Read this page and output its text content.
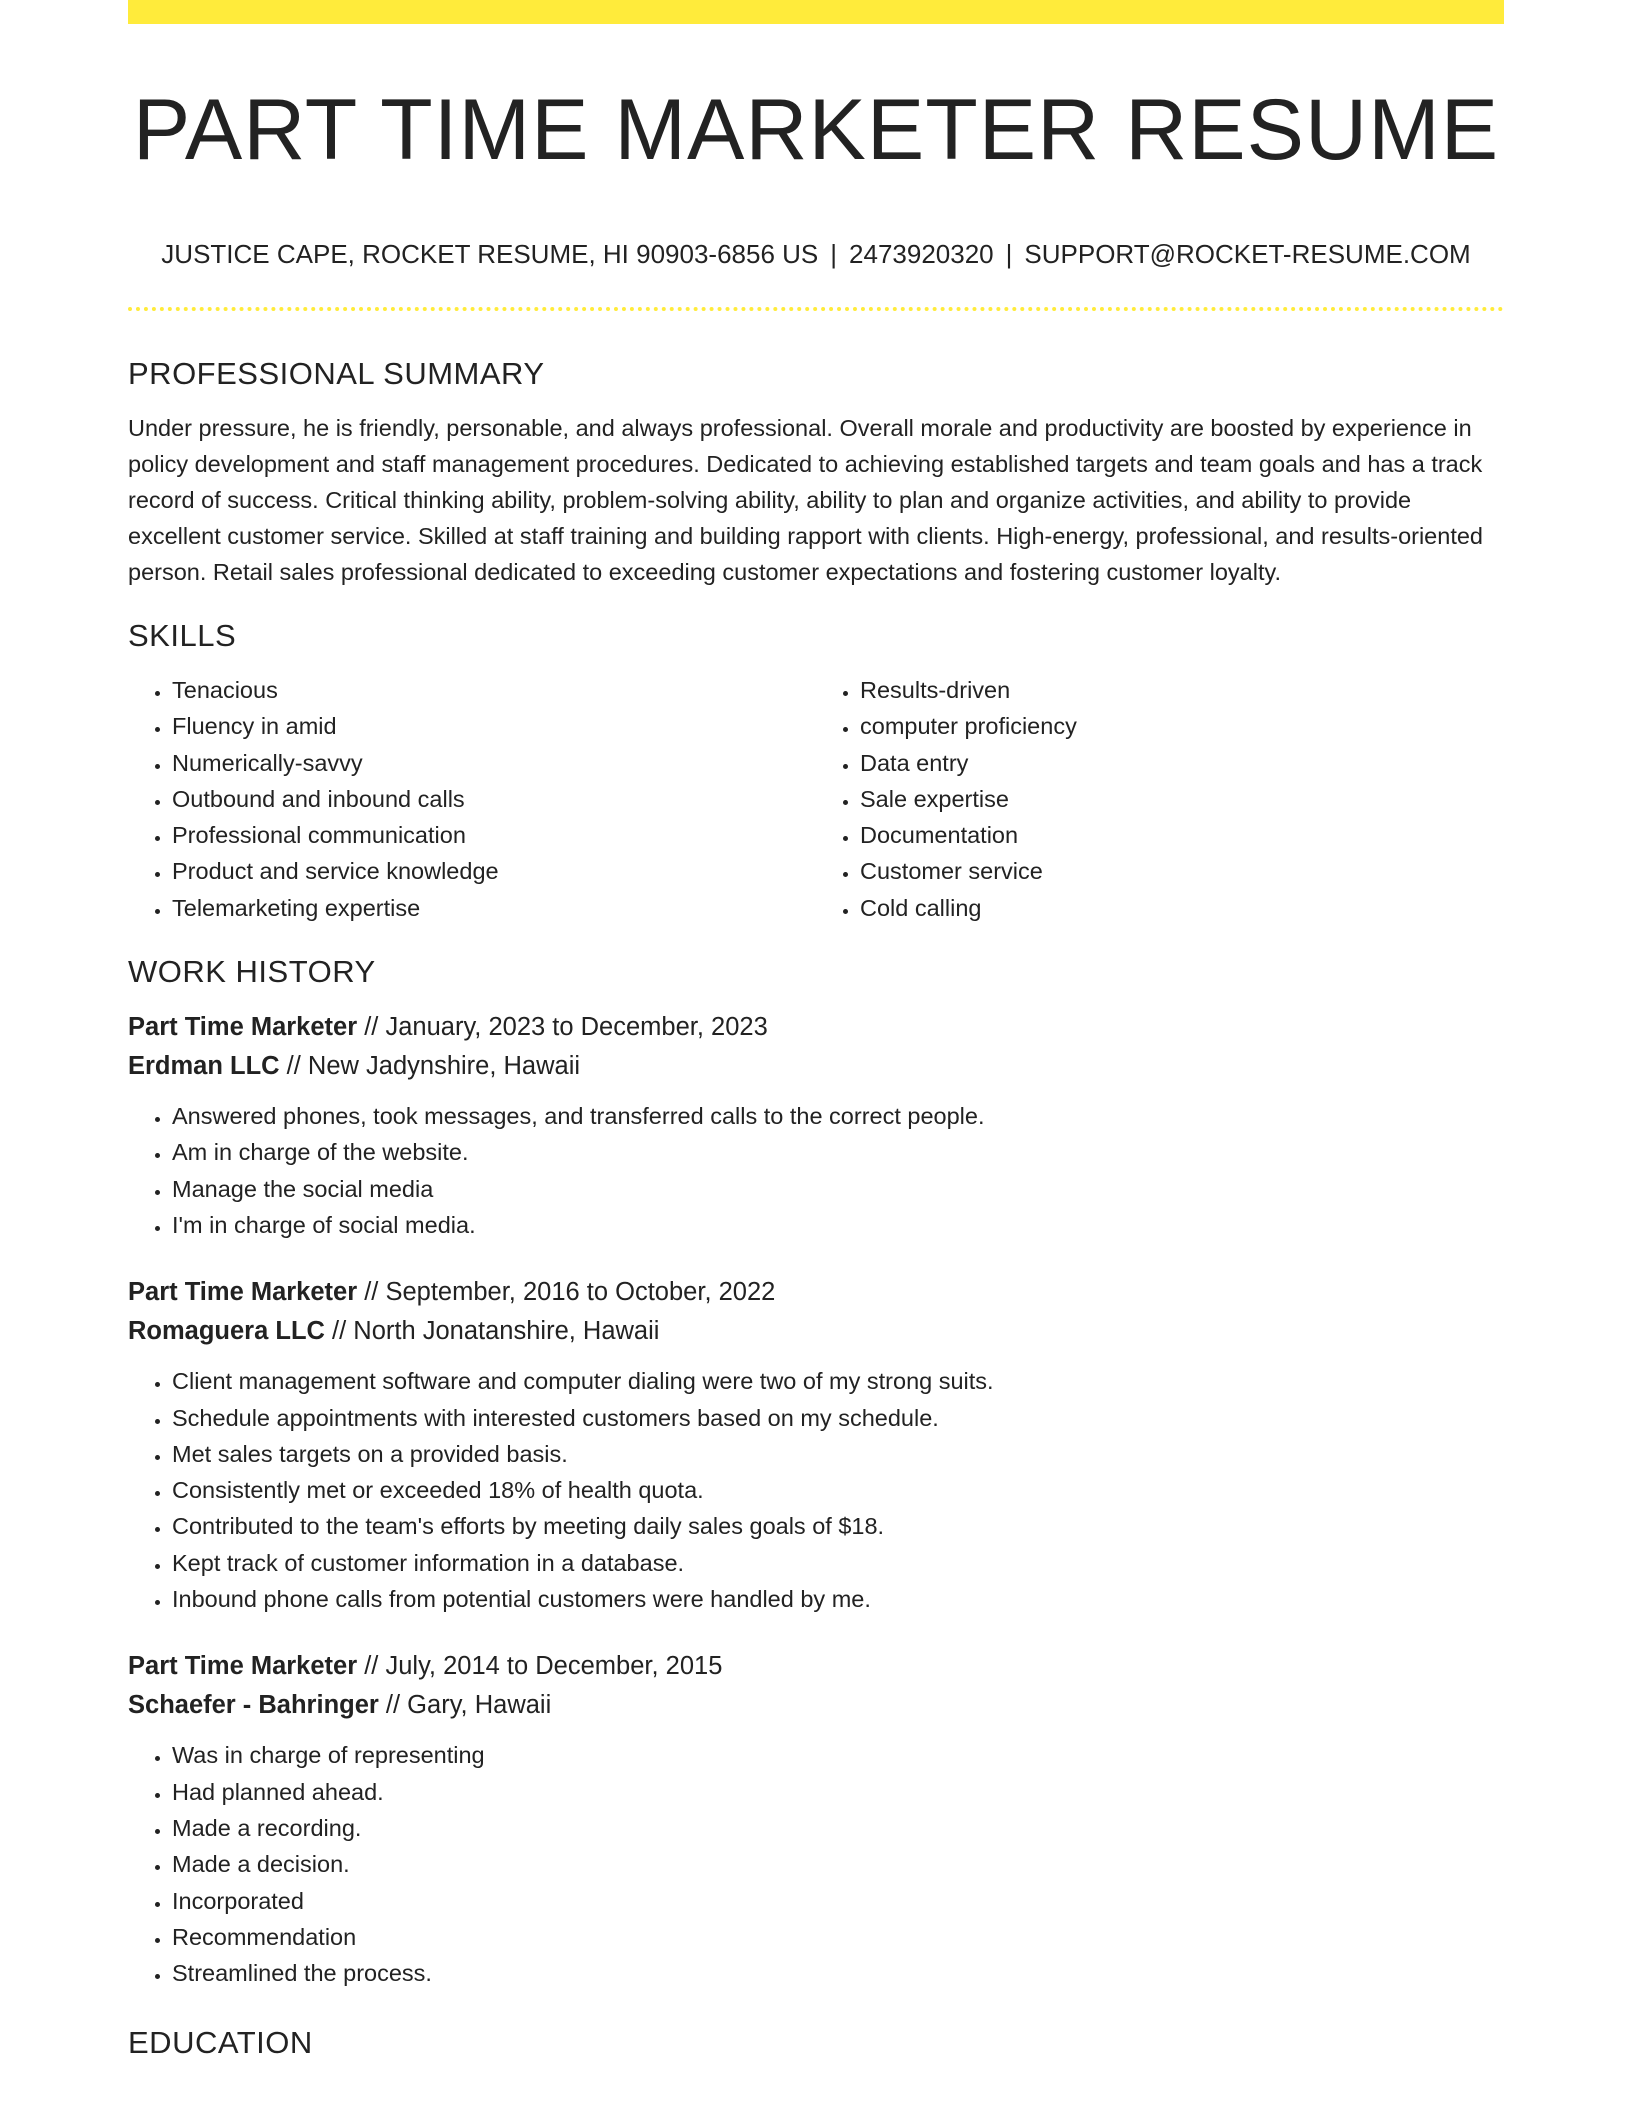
PART TIME MARKETER RESUME
JUSTICE CAPE, ROCKET RESUME, HI 90903-6856 US | 2473920320 | SUPPORT@ROCKET-RESUME.COM
PROFESSIONAL SUMMARY

Under pressure, he is friendly, personable, and always professional. Overall morale and productivity are boosted by experience in policy development and staff management procedures. Dedicated to achieving established targets and team goals and has a track record of success. Critical thinking ability, problem-solving ability, ability to plan and organize activities, and ability to provide excellent customer service. Skilled at staff training and building rapport with clients. High-energy, professional, and results-oriented person. Retail sales professional dedicated to exceeding customer expectations and fostering customer loyalty.

SKILLS
• Tenacious
• Fluency in amid
• Numerically-savvy
• Outbound and inbound calls
• Professional communication
• Product and service knowledge
• Telemarketing expertise
• Results-driven
• computer proficiency
• Data entry
• Sale expertise
• Documentation
• Customer service
• Cold calling
WORK HISTORY
Part Time Marketer // January, 2023 to December, 2023
Erdman LLC // New Jadynshire, Hawaii
• Answered phones, took messages, and transferred calls to the correct people.
• Am in charge of the website.
• Manage the social media
• I'm in charge of social media.
Part Time Marketer // September, 2016 to October, 2022
Romaguera LLC // North Jonatanshire, Hawaii
• Client management software and computer dialing were two of my strong suits.
• Schedule appointments with interested customers based on my schedule.
• Met sales targets on a provided basis.
• Consistently met or exceeded 18% of health quota.
• Contributed to the team's efforts by meeting daily sales goals of $18.
• Kept track of customer information in a database.
• Inbound phone calls from potential customers were handled by me.
Part Time Marketer // July, 2014 to December, 2015
Schaefer - Bahringer // Gary, Hawaii
• Was in charge of representing
• Had planned ahead.
• Made a recording.
• Made a decision.
• Incorporated
• Recommendation
• Streamlined the process.
EDUCATION
